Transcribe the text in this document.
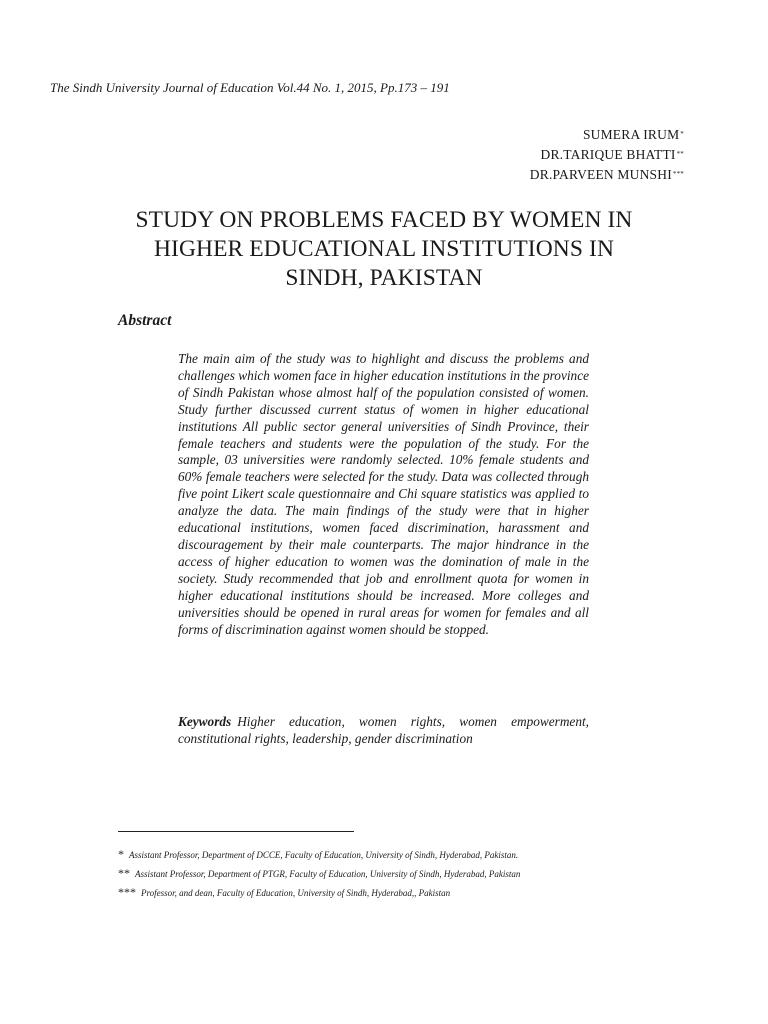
The Sindh University Journal of Education Vol.44 No. 1, 2015, Pp.173 – 191
SUMERA IRUM*
DR.TARIQUE BHATTI**
DR.PARVEEN MUNSHI***
STUDY ON PROBLEMS FACED BY WOMEN IN
HIGHER EDUCATIONAL INSTITUTIONS IN
SINDH, PAKISTAN
Abstract
The main aim of the study was to highlight and discuss the problems and challenges which women face in higher education institutions in the province of Sindh Pakistan whose almost half of the population consisted of women. Study further discussed current status of women in higher educational institutions All public sector general universities of Sindh Province, their female teachers and students were the population of the study. For the sample, 03 universities were randomly selected. 10% female students and 60% female teachers were selected for the study. Data was collected through five point Likert scale questionnaire and Chi square statistics was applied to analyze the data. The main findings of the study were that in higher educational institutions, women faced discrimination, harassment and discouragement by their male counterparts. The major hindrance in the access of higher education to women was the domination of male in the society. Study recommended that job and enrollment quota for women in higher educational institutions should be increased. More colleges and universities should be opened in rural areas for women for females and all forms of discrimination against women should be stopped.
Keywords Higher education, women rights, women empowerment, constitutional rights, leadership, gender discrimination
* Assistant Professor, Department of DCCE, Faculty of Education, University of Sindh, Hyderabad, Pakistan.
** Assistant Professor, Department of PTGR, Faculty of Education, University of Sindh, Hyderabad, Pakistan
*** Professor, and dean, Faculty of Education, University of Sindh, Hyderabad,, Pakistan
